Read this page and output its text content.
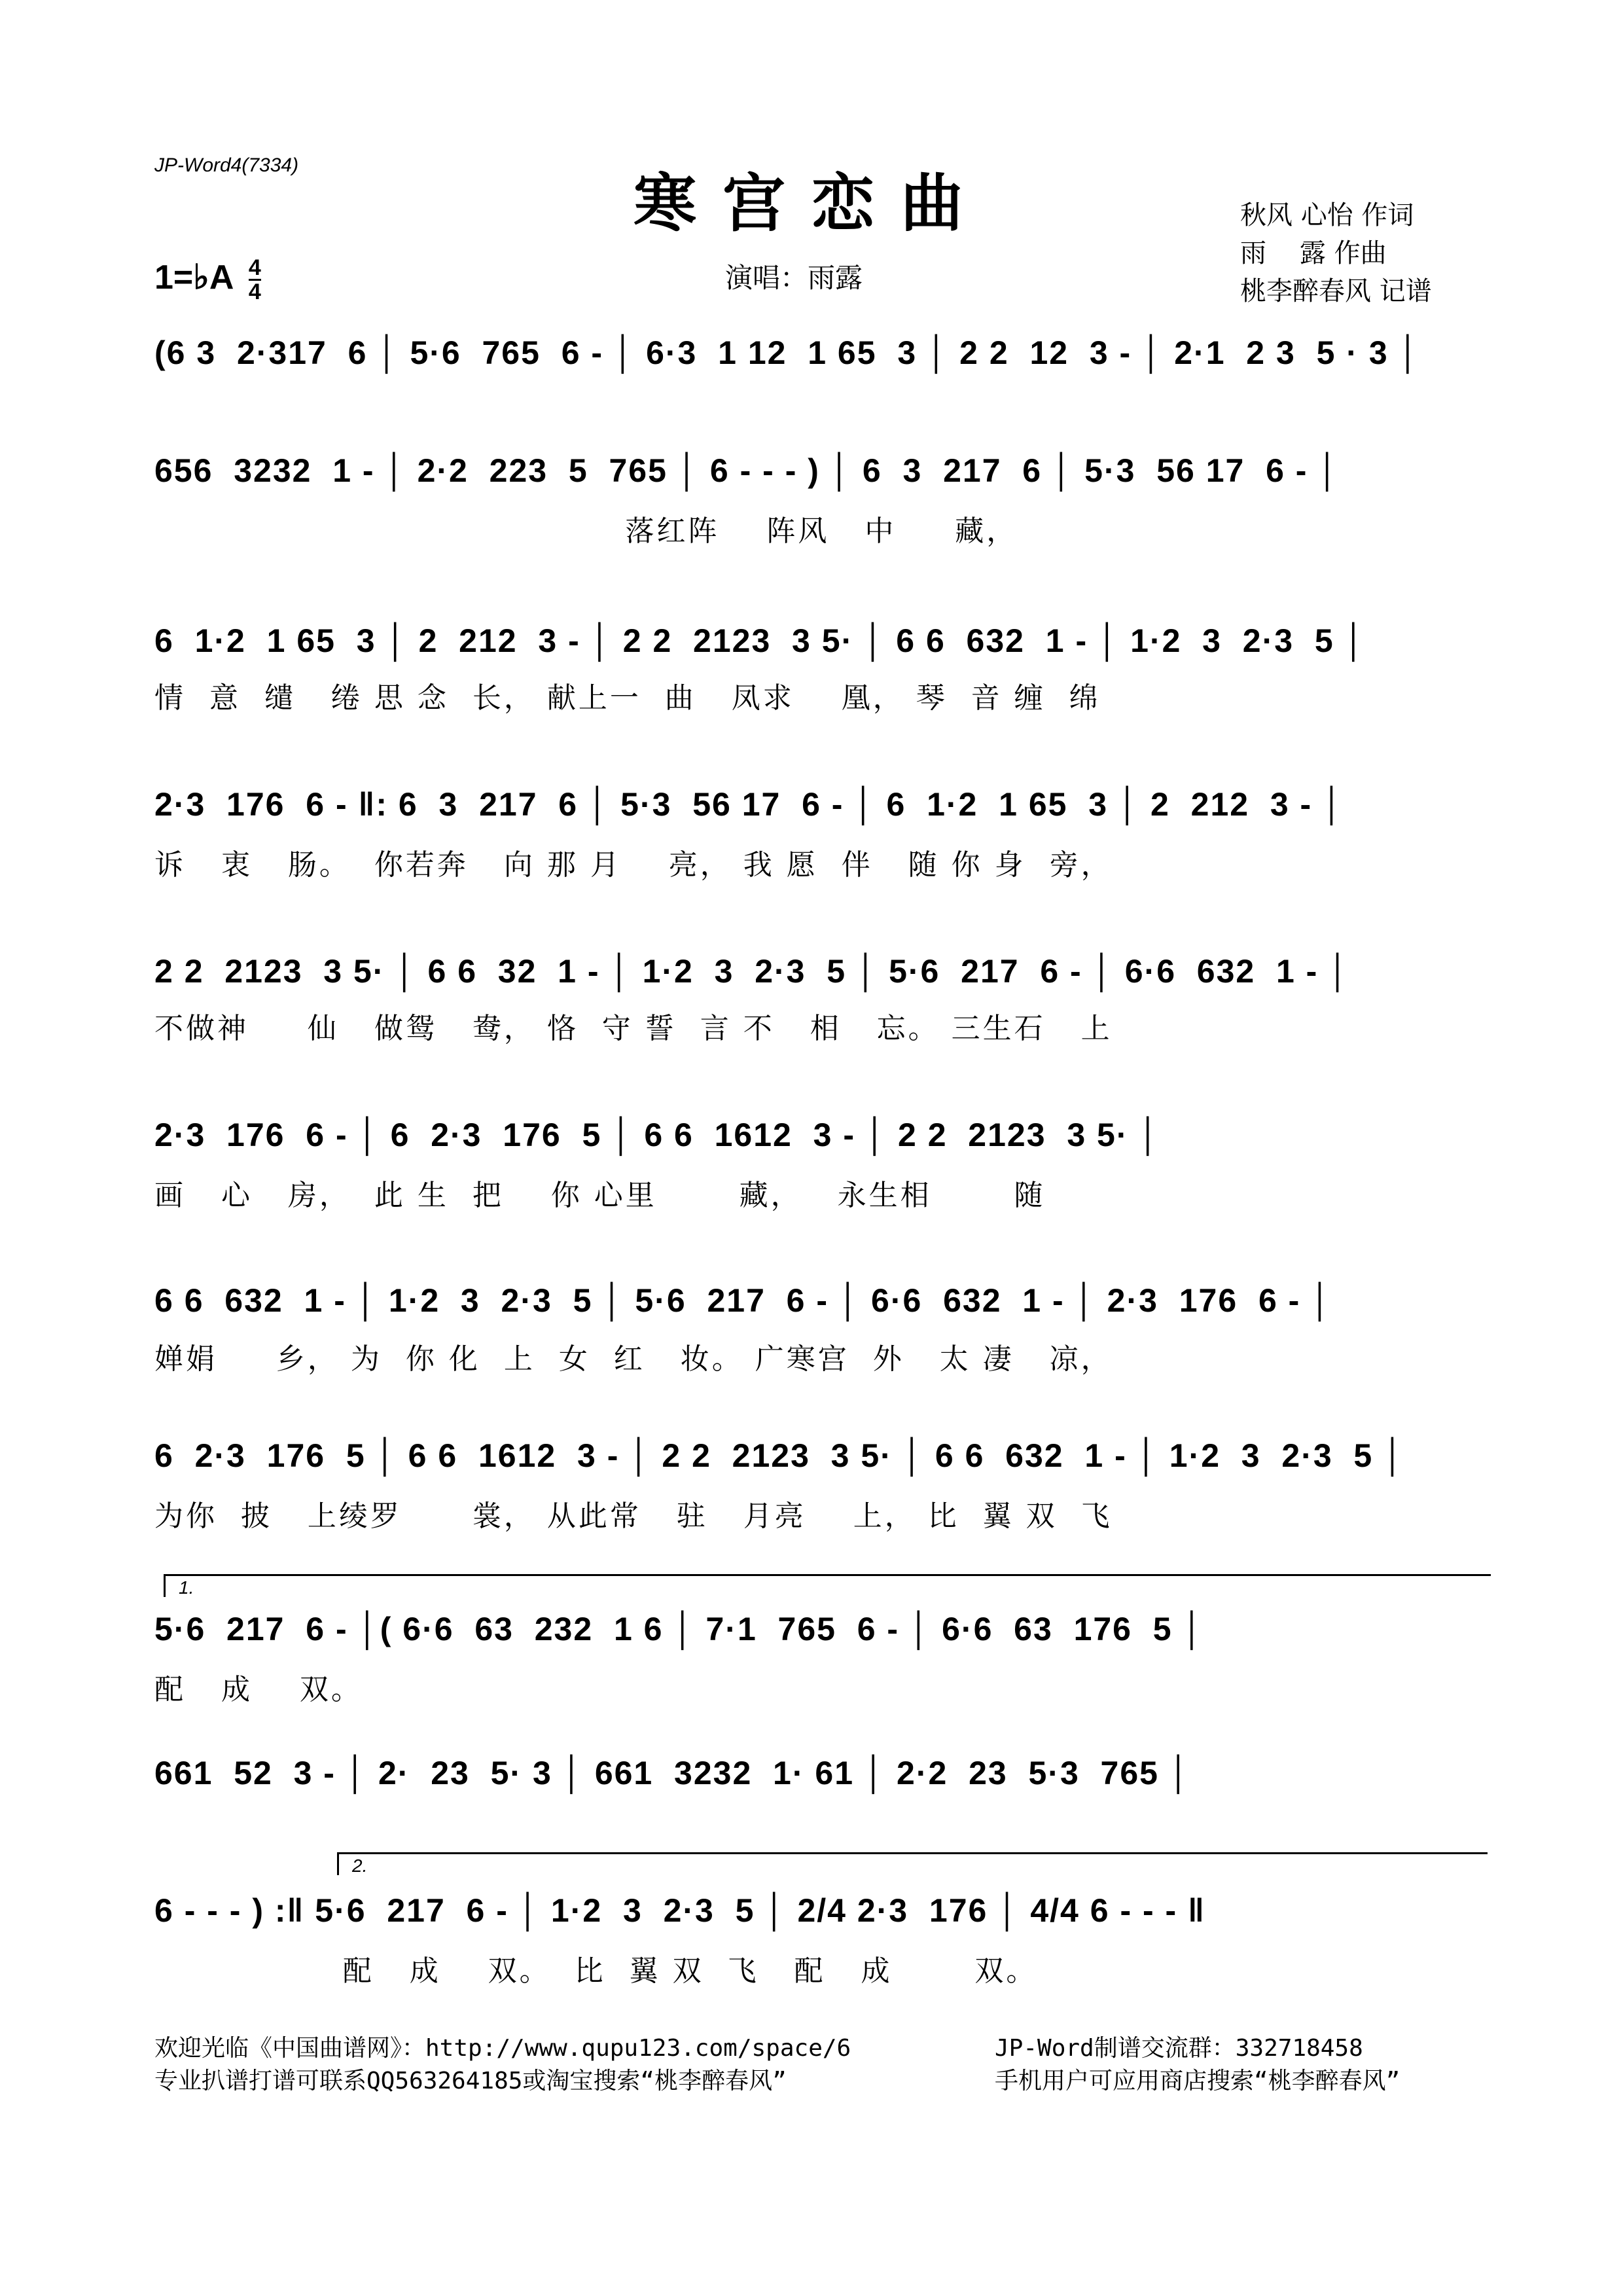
JP-Word4(7334)
寒宫恋曲
演唱：雨露
秋风 心怡 作词
雨    露 作曲
桃李醉春风 记谱
1=♭A $\frac{4}{4}$
(6 3  2·317  6 │ 5·6  765  6 - │ 6·3  1 12  1 65  3 │ 2 2  12  3 - │ 2·1  2 3  5 · 3 │
656  3232  1 - │ 2·2  223  5  765 │ 6 - - - ) │ 6  3  217  6 │ 5·3  56 17  6 - │
落红阵    阵风   中     藏，
6  1·2  1 65  3 │ 2  212  3 - │ 2 2  2123  3 5· │ 6 6  632  1 - │ 1·2  3  2·3  5 │
情  意  缱   绻 思 念  长， 献上一  曲   凤求    凰， 琴  音 缠  绵
2·3  176  6 - ‖: 6  3  217  6 │ 5·3  56 17  6 - │ 6  1·2  1 65  3 │ 2  212  3 - │
诉   衷   肠。  你若奔   向 那 月    亮， 我 愿  伴   随 你 身  旁，
2 2  2123  3 5· │ 6 6  32  1 - │ 1·2  3  2·3  5 │ 5·6  217  6 - │ 6·6  632  1 - │
不做神     仙   做鸳   鸯， 恪  守 誓  言 不   相   忘。 三生石   上
2·3  176  6 - │ 6  2·3  176  5 │ 6 6  1612  3 - │ 2 2  2123  3 5· │
画   心   房，  此 生  把    你 心里       藏，   永生相       随
6 6  632  1 - │ 1·2  3  2·3  5 │ 5·6  217  6 - │ 6·6  632  1 - │ 2·3  176  6 - │
婵娟     乡， 为  你 化  上  女  红   妆。 广寒宫  外   太 凄   凉，
6  2·3  176  5 │ 6 6  1612  3 - │ 2 2  2123  3 5· │ 6 6  632  1 - │ 1·2  3  2·3  5 │
为你  披   上绫罗      裳， 从此常   驻   月亮    上， 比  翼 双  飞
1.
5·6  217  6 - │( 6·6  63  232  1 6 │ 7·1  765  6 - │ 6·6  63  176  5 │
配   成    双。
661  52  3 - │ 2·  23  5· 3 │ 661  3232  1· 61 │ 2·2  23  5·3  765 │
2.
6 - - - ) :‖ 5·6  217  6 - │ 1·2  3  2·3  5 │ 2/4 2·3  176 │ 4/4 6 - - - ‖
配   成    双。  比  翼 双  飞   配   成       双。
欢迎光临《中国曲谱网》：http://www.qupu123.com/space/6
专业扒谱打谱可联系QQ563264185或淘宝搜索“桃李醉春风”
JP-Word制谱交流群：332718458
手机用户可应用商店搜索“桃李醉春风”
